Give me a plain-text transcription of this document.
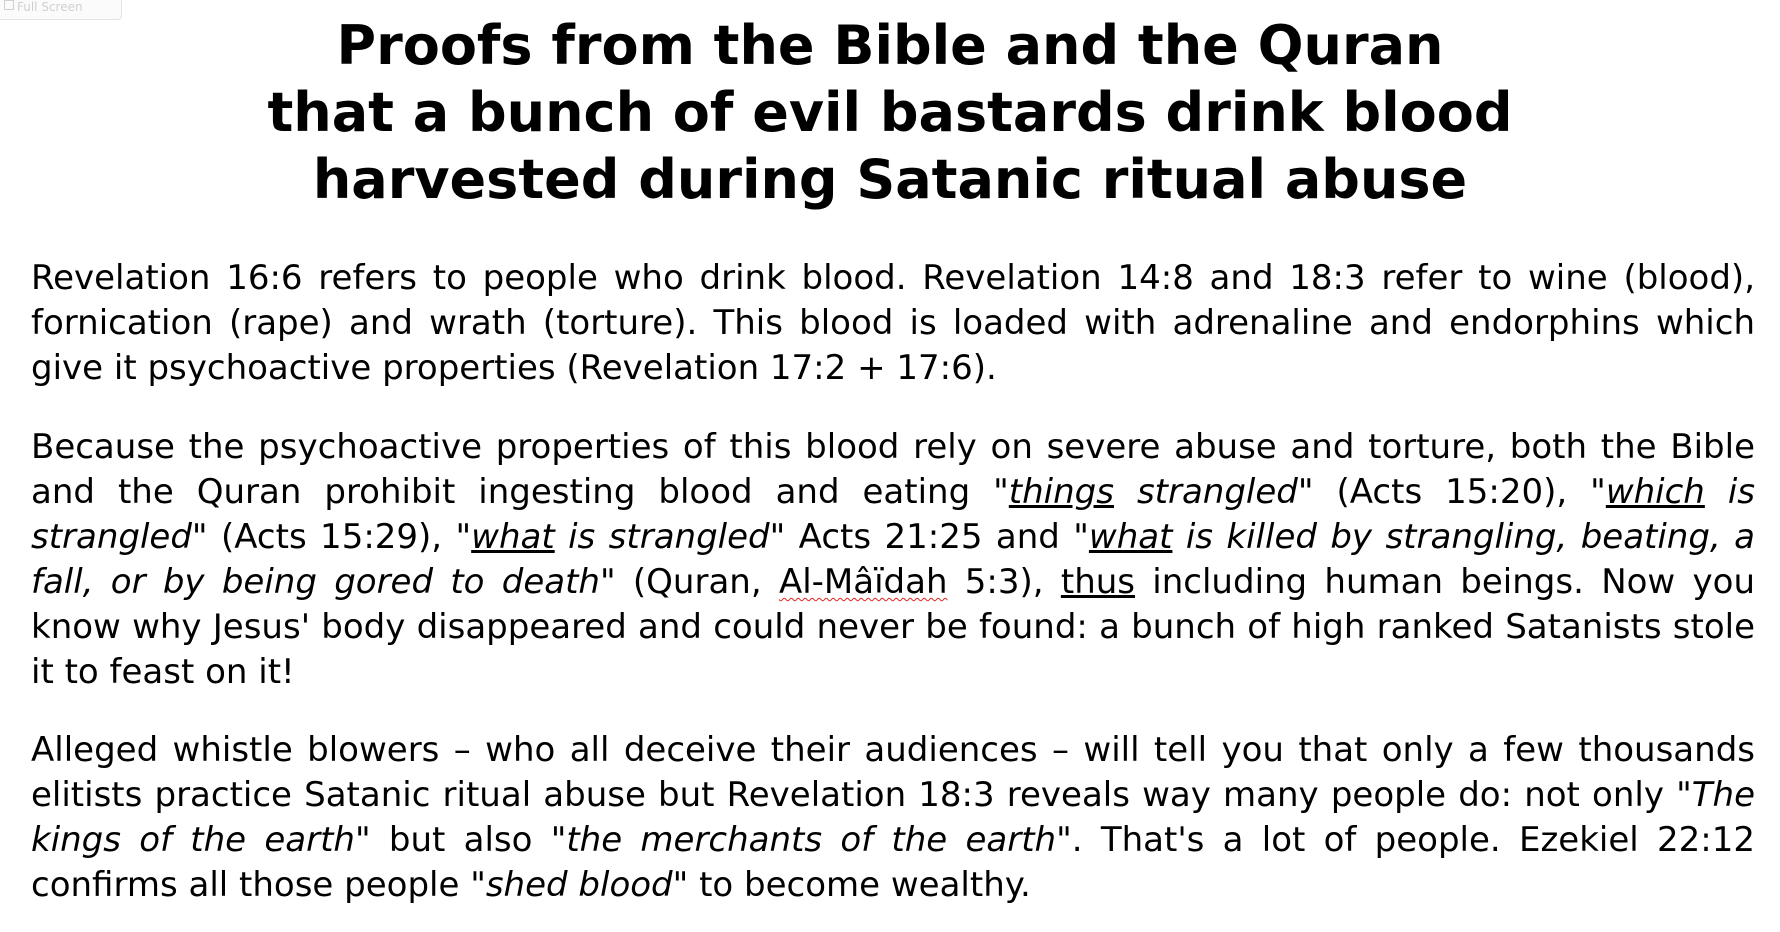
Full Screen
Proofs from the Bible and the Quran
that a bunch of evil bastards drink blood
harvested during Satanic ritual abuse

Revelation 16:6 refers to people who drink blood. Revelation 14:8 and 18:3 refer to wine (blood), fornication (rape) and wrath (torture). This blood is loaded with adrenaline and endorphins which give it psychoactive properties (Revelation 17:2 + 17:6).

Because the psychoactive properties of this blood rely on severe abuse and torture, both the Bible and the Quran prohibit ingesting blood and eating "things strangled" (Acts 15:20), "which is strangled" (Acts 15:29), "what is strangled" Acts 21:25 and "what is killed by strangling, beating, a fall, or by being gored to death" (Quran, Al-Mâïdah 5:3), thus including human beings. Now you know why Jesus' body disappeared and could never be found: a bunch of high ranked Satanists stole it to feast on it!

Alleged whistle blowers – who all deceive their audiences – will tell you that only a few thousands elitists practice Satanic ritual abuse but Revelation 18:3 reveals way many people do: not only "The kings of the earth" but also "the merchants of the earth". That's a lot of people. Ezekiel 22:12 confirms all those people "shed blood" to become wealthy.
